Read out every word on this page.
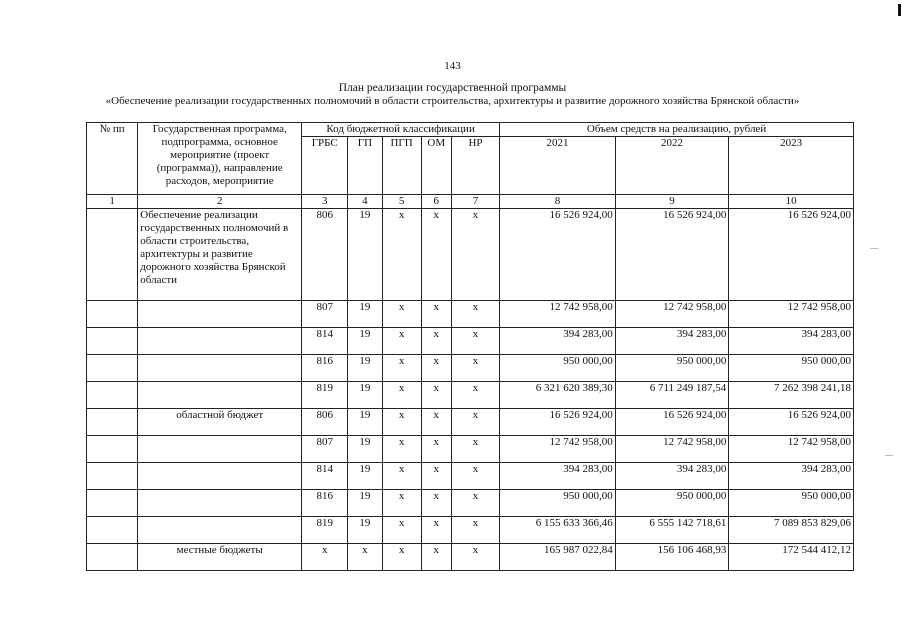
143
План реализации государственной программы
«Обеспечение реализации государственных полномочий в области строительства, архитектуры и развитие дорожного хозяйства Брянской области»
№ пп	Государственная программа, подпрограмма, основное мероприятие (проект (программа)), направление расходов, мероприятие	Код бюджетной классификации					Объем средств на реализацию, рублей		
		ГРБС	ГП	ПГП	ОМ	НР	2021	2022	2023
1	2	3	4	5	6	7	8	9	10
	Обеспечение реализации государственных полномочий в области строительства, архитектуры и развитие дорожного хозяйства Брянской области	806	19	х	х	х	16 526 924,00	16 526 924,00	16 526 924,00
		807	19	х	х	х	12 742 958,00	12 742 958,00	12 742 958,00
		814	19	х	х	х	394 283,00	394 283,00	394 283,00
		816	19	х	х	х	950 000,00	950 000,00	950 000,00
		819	19	х	х	х	6 321 620 389,30	6 711 249 187,54	7 262 398 241,18
	областной бюджет	806	19	х	х	х	16 526 924,00	16 526 924,00	16 526 924,00
		807	19	х	х	х	12 742 958,00	12 742 958,00	12 742 958,00
		814	19	х	х	х	394 283,00	394 283,00	394 283,00
		816	19	х	х	х	950 000,00	950 000,00	950 000,00
		819	19	х	х	х	6 155 633 366,46	6 555 142 718,61	7 089 853 829,06
	местные бюджеты	х	х	х	х	х	165 987 022,84	156 106 468,93	172 544 412,12
